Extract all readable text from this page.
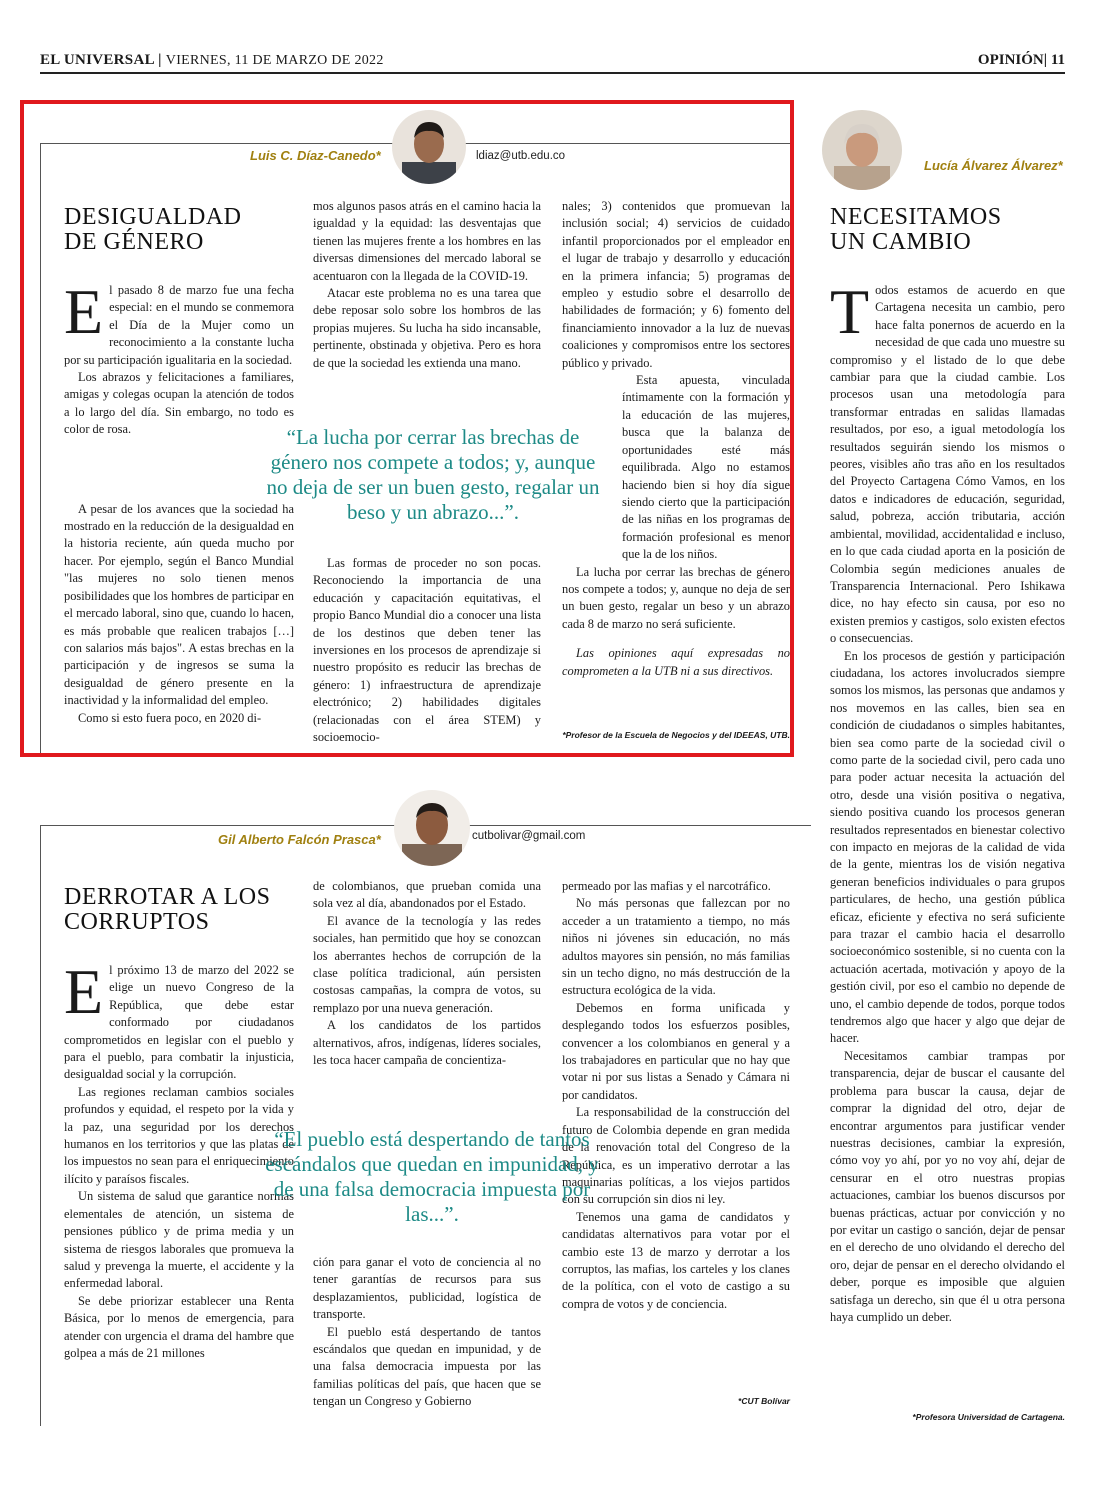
EL UNIVERSAL | VIERNES, 11 DE MARZO DE 2022	OPINIÓN| 11
Luis C. Díaz-Canedo*	ldiaz@utb.edu.co
DESIGUALDAD
DE GÉNERO

El pasado 8 de marzo fue una fecha especial: en el mundo se conmemora el Día de la Mujer como un reconocimiento a la constante lucha por su participación igualitaria en la sociedad.

Los abrazos y felicitaciones a familiares, amigas y colegas ocupan la atención de todos a lo largo del día. Sin embargo, no todo es color de rosa.

A pesar de los avances que la sociedad ha mostrado en la reducción de la desigualdad en la historia reciente, aún queda mucho por hacer. Por ejemplo, según el Banco Mundial "las mujeres no solo tienen menos posibilidades que los hombres de participar en el mercado laboral, sino que, cuando lo hacen, es más probable que realicen trabajos […] con salarios más bajos". A estas brechas en la participación y de ingresos se suma la desigualdad de género presente en la inactividad y la informalidad del empleo.

Como si esto fuera poco, en 2020 di-

mos algunos pasos atrás en el camino hacia la igualdad y la equidad: las desventajas que tienen las mujeres frente a los hombres en las diversas dimensiones del mercado laboral se acentuaron con la llegada de la COVID-19.

Atacar este problema no es una tarea que debe reposar solo sobre los hombros de las propias mujeres. Su lucha ha sido incansable, pertinente, obstinada y objetiva. Pero es hora de que la sociedad les extienda una mano.

Las formas de proceder no son pocas. Reconociendo la importancia de una educación y capacitación equitativas, el propio Banco Mundial dio a conocer una lista de los destinos que deben tener las inversiones en los procesos de aprendizaje si nuestro propósito es reducir las brechas de género: 1) infraestructura de aprendizaje electrónico; 2) habilidades digitales (relacionadas con el área STEM) y socioemocio-

nales; 3) contenidos que promuevan la inclusión social; 4) servicios de cuidado infantil proporcionados por el empleador en el lugar de trabajo y desarrollo y educación en la primera infancia; 5) programas de empleo y estudio sobre el desarrollo de habilidades de formación; y 6) fomento del financiamiento innovador a la luz de nuevas coaliciones y compromisos entre los sectores público y privado.

Esta apuesta, vinculada íntimamente con la formación y la educación de las mujeres, busca que la balanza de oportunidades esté más equilibrada. Algo no estamos haciendo bien si hoy día sigue siendo cierto que la participación de las niñas en los programas de formación profesional es menor que la de los niños.

La lucha por cerrar las brechas de género nos compete a todos; y, aunque no deja de ser un buen gesto, regalar un beso y un abrazo cada 8 de marzo no será suficiente.

Las opiniones aquí expresadas no comprometen a la UTB ni a sus directivos.

“La lucha por cerrar las brechas de género nos compete a todos; y, aunque no deja de ser un buen gesto, regalar un beso y un abrazo...”.
*Profesor de la Escuela de Negocios y del IDEEAS, UTB.
Gil Alberto Falcón Prasca*	cutbolivar@gmail.com
DERROTAR A LOS
CORRUPTOS

El próximo 13 de marzo del 2022 se elige un nuevo Congreso de la República, que debe estar conformado por ciudadanos comprometidos en legislar con el pueblo y para el pueblo, para combatir la injusticia, desigualdad social y la corrupción.

Las regiones reclaman cambios sociales profundos y equidad, el respeto por la vida y la paz, una seguridad por los derechos humanos en los territorios y que las platas de los impuestos no sean para el enriquecimiento ilícito y paraísos fiscales.

Un sistema de salud que garantice normas elementales de atención, un sistema de pensiones público y de prima media y un sistema de riesgos laborales que promueva la salud y prevenga la muerte, el accidente y la enfermedad laboral.

Se debe priorizar establecer una Renta Básica, por lo menos de emergencia, para atender con urgencia el drama del hambre que golpea a más de 21 millones

de colombianos, que prueban comida una sola vez al día, abandonados por el Estado.

El avance de la tecnología y las redes sociales, han permitido que hoy se conozcan los aberrantes hechos de corrupción de la clase política tradicional, aún persisten costosas campañas, la compra de votos, su remplazo por una nueva generación.

A los candidatos de los partidos alternativos, afros, indígenas, líderes sociales, les toca hacer campaña de concientiza-

ción para ganar el voto de conciencia al no tener garantías de recursos para sus desplazamientos, publicidad, logística de transporte.

El pueblo está despertando de tantos escándalos que quedan en impunidad, y de una falsa democracia impuesta por las familias políticas del país, que hacen que se tengan un Congreso y Gobierno

permeado por las mafias y el narcotráfico.

No más personas que fallezcan por no acceder a un tratamiento a tiempo, no más niños ni jóvenes sin educación, no más adultos mayores sin pensión, no más familias sin un techo digno, no más destrucción de la estructura ecológica de la vida.

Debemos en forma unificada y desplegando todos los esfuerzos posibles, convencer a los colombianos en general y a los trabajadores en particular que no hay que votar ni por sus listas a Senado y Cámara ni por candidatos.

La responsabilidad de la construcción del futuro de Colombia depende en gran medida de la renovación total del Congreso de la República, es un imperativo derrotar a las maquinarias políticas, a los viejos partidos con su corrupción sin dios ni ley.

Tenemos una gama de candidatos y candidatas alternativos para votar por el cambio este 13 de marzo y derrotar a los corruptos, las mafias, los carteles y los clanes de la política, con el voto de castigo a su compra de votos y de conciencia.

“El pueblo está despertando de tantos escándalos que quedan en impunidad, y de una falsa democracia impuesta por las...”.
*CUT Bolívar
Lucía Álvarez Álvarez*
NECESITAMOS
UN CAMBIO

Todos estamos de acuerdo en que Cartagena necesita un cambio, pero hace falta ponernos de acuerdo en la necesidad de que cada uno muestre su compromiso y el listado de lo que debe cambiar para que la ciudad cambie. Los procesos usan una metodología para transformar entradas en salidas llamadas resultados, por eso, a igual metodología los resultados seguirán siendo los mismos o peores, visibles año tras año en los resultados del Proyecto Cartagena Cómo Vamos, en los datos e indicadores de educación, seguridad, salud, pobreza, acción tributaria, acción ambiental, movilidad, accidentalidad e incluso, en lo que cada ciudad aporta en la posición de Colombia según mediciones anuales de Transparencia Internacional. Pero Ishikawa dice, no hay efecto sin causa, por eso no existen premios y castigos, solo existen efectos o consecuencias.

En los procesos de gestión y participación ciudadana, los actores involucrados siempre somos los mismos, las personas que andamos y nos movemos en las calles, bien sea en condición de ciudadanos o simples habitantes, bien sea como parte de la sociedad civil o como parte de la sociedad civil, pero cada uno para poder actuar necesita la actuación del otro, desde una visión positiva o negativa, siendo positiva cuando los procesos generan resultados representados en bienestar colectivo con impacto en mejoras de la calidad de vida de la gente, mientras los de visión negativa generan beneficios individuales o para grupos particulares, de hecho, una gestión pública eficaz, eficiente y efectiva no será suficiente para trazar el cambio hacia el desarrollo socioeconómico sostenible, si no cuenta con la actuación acertada, motivación y apoyo de la gestión civil, por eso el cambio no depende de uno, el cambio depende de todos, porque todos tendremos algo que hacer y algo que dejar de hacer.

Necesitamos cambiar trampas por transparencia, dejar de buscar el causante del problema para buscar la causa, dejar de comprar la dignidad del otro, dejar de encontrar argumentos para justificar vender nuestras decisiones, cambiar la expresión, cómo voy yo ahí, por yo no voy ahí, dejar de censurar en el otro nuestras propias actuaciones, cambiar los buenos discursos por buenas prácticas, actuar por convicción y no por evitar un castigo o sanción, dejar de pensar en el derecho de uno olvidando el derecho del oro, dejar de pensar en el derecho olvidando el deber, porque es imposible que alguien satisfaga un derecho, sin que él u otra persona haya cumplido un deber.

*Profesora Universidad de Cartagena.
